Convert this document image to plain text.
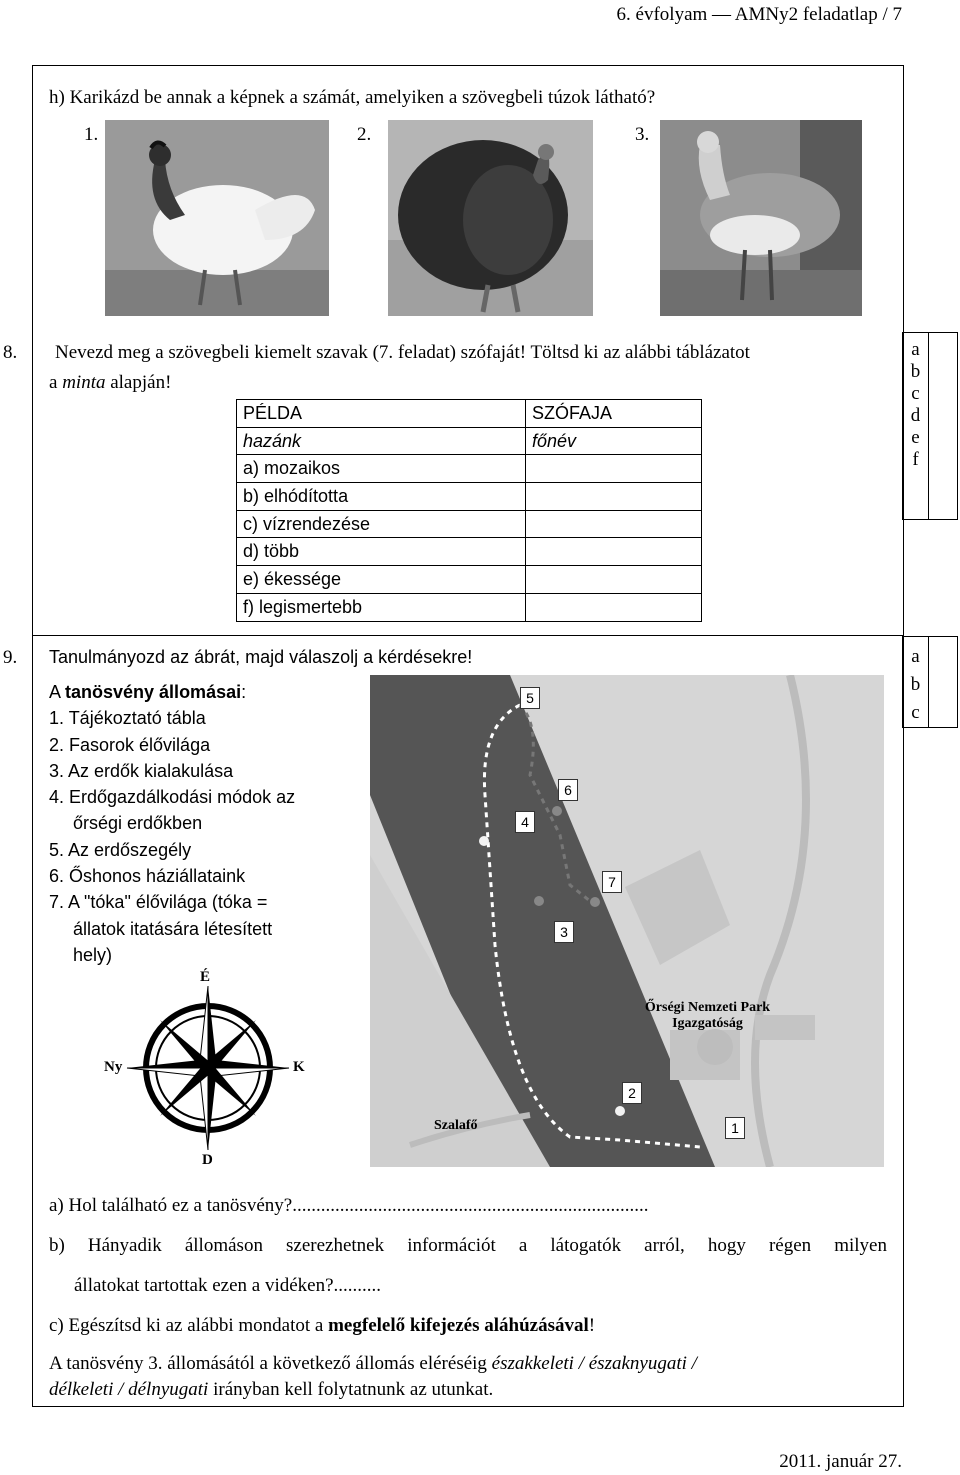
6. évfolyam — AMNy2 feladatlap / 7
h) Karikázd be annak a képnek a számát, amelyiken a szövegbeli túzok látható?
1.	2.	3.
8. Nevezd meg a szövegbeli kiemelt szavak (7. feladat) szófaját! Töltsd ki az alábbi táblázatot
a minta alapján!
PÉLDA	SZÓFAJA
hazánk	főnév
a) mozaikos	
b) elhódította	
c) vízrendezése	
d) több	
e) ékessége	
f) legismertebb	
a
b
c
d
e
f
9. Tanulmányozd az ábrát, majd válaszolj a kérdésekre!	a
b
c
A tanösvény állomásai:
1. Tájékoztató tábla
2. Fasorok élővilága
3. Az erdők kialakulása
4. Erdőgazdálkodási módok az
őrségi erdőkben
5. Az erdőszegély
6. Őshonos háziállataink
7. A "tóka" élővilága (tóka =
állatok itatására létesített
hely)
É
D
Ny	K
5
6
4
7
3
2
1
Őrségi Nemzeti Park
Igazgatóság
Szalafő
a) Hol található ez a tanösvény?...........................................................................
b) Hányadik állomáson szerezhetnek információt a látogatók arról, hogy régen milyen
állatokat tartottak ezen a vidéken?..........
c) Egészítsd ki az alábbi mondatot a megfelelő kifejezés aláhúzásával!
A tanösvény 3. állomásától a következő állomás eléréséig északkeleti / északnyugati /
délkeleti / délnyugati irányban kell folytatnunk az utunkat.
2011. január 27.
